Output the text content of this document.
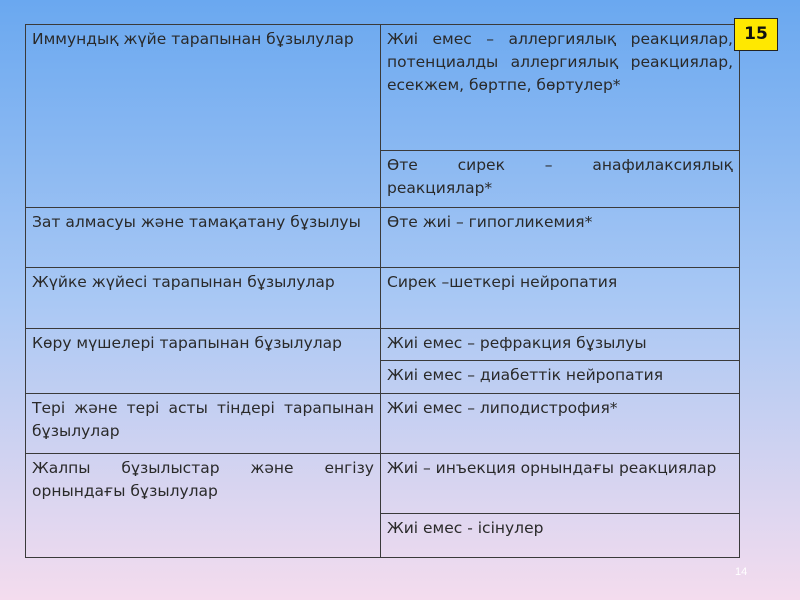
Иммундық жүйе тарапынан бұзылулар	Жиі емес – аллергиялық реакциялар, потенциалды аллергиялық реакциялар, есекжем, бөртпе, бөртулер*
	Өте сирек – анафилаксиялық реакциялар*
Зат алмасуы және тамақатану бұзылуы	Өте жиі – гипогликемия*
Жүйке жүйесі тарапынан бұзылулар	Сирек –шеткері нейропатия
Көру мүшелері тарапынан бұзылулар	Жиі емес – рефракция бұзылуы
	Жиі емес – диабеттік нейропатия
Тері және тері асты тіндері тарапынан бұзылулар	Жиі емес – липодистрофия*
Жалпы бұзылыстар және енгізу орнындағы бұзылулар	Жиі – инъекция орнындағы реакциялар
	Жиі емес - ісінулер
15
14
